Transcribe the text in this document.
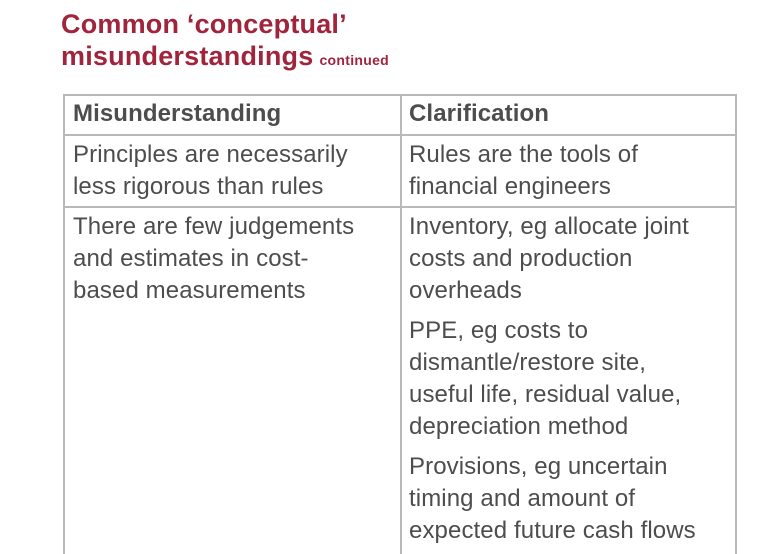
Common ‘conceptual’
misunderstandings continued
Misunderstanding	Clarification
Principles are necessarily
less rigorous than rules
Rules are the tools of
financial engineers
There are few judgements
and estimates in cost-
based measurements
Inventory, eg allocate joint
costs and production
overheads
PPE, eg costs to
dismantle/restore site,
useful life, residual value,
depreciation method
Provisions, eg uncertain
timing and amount of
expected future cash flows
